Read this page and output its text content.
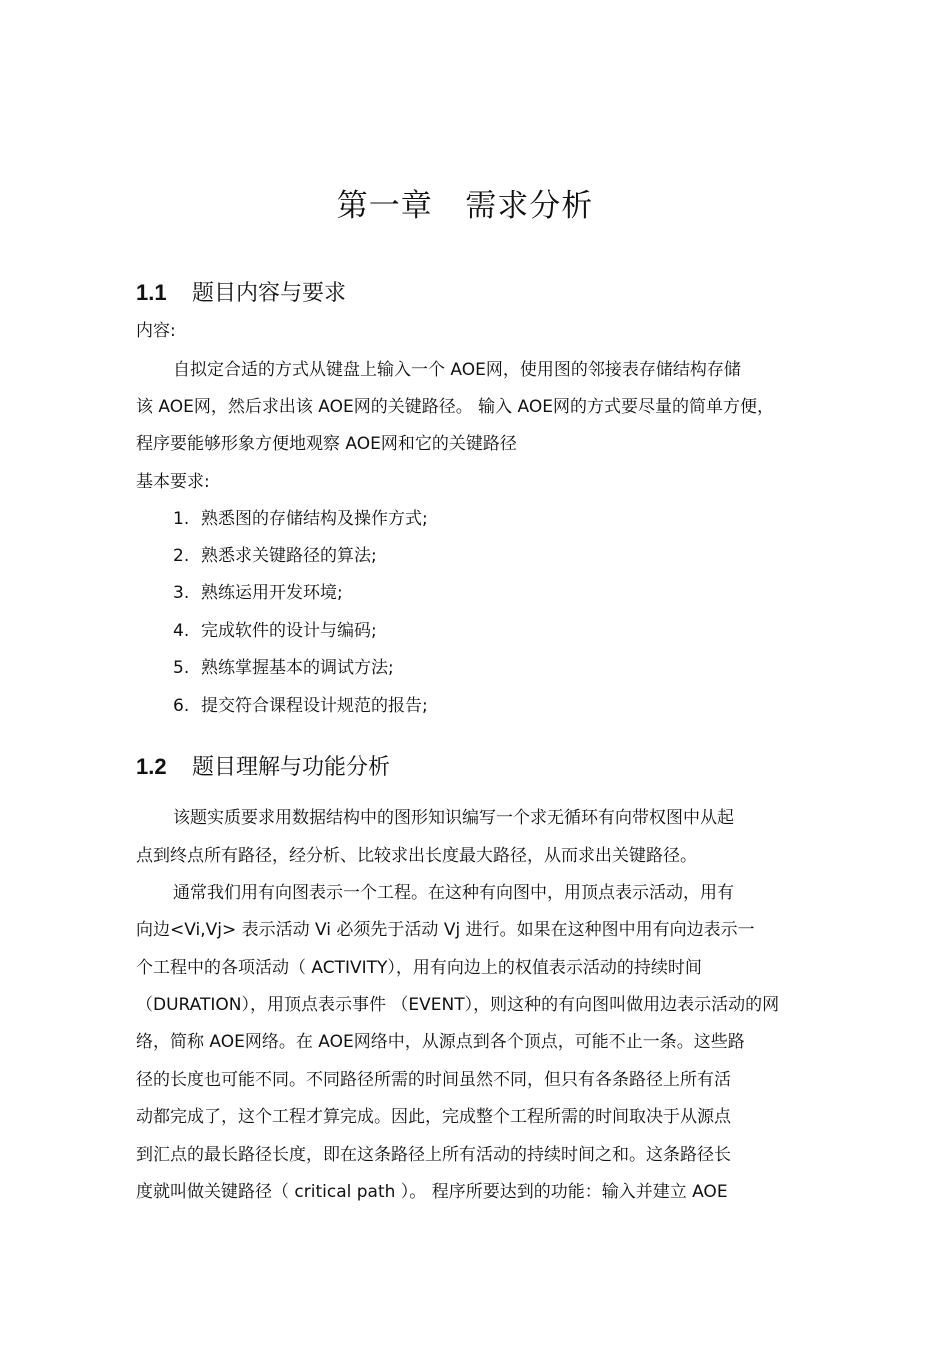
第一章   需求分析
1.1 题目内容与要求
内容:
自拟定合适的方式从键盘上输入一个 AOE网，使用图的邻接表存储结构存储
该 AOE网，然后求出该 AOE网的关键路径。 输入 AOE网的方式要尽量的简单方便，
程序要能够形象方便地观察 AOE网和它的关键路径
基本要求:
1. 熟悉图的存储结构及操作方式;
2. 熟悉求关键路径的算法;
3. 熟练运用开发环境;
4. 完成软件的设计与编码;
5. 熟练掌握基本的调试方法;
6. 提交符合课程设计规范的报告;
1.2 题目理解与功能分析
该题实质要求用数据结构中的图形知识编写一个求无循环有向带权图中从起
点到终点所有路径，经分析、比较求出长度最大路径，从而求出关键路径。
通常我们用有向图表示一个工程。在这种有向图中，用顶点表示活动，用有
向边<Vi,Vj> 表示活动 Vi 必须先于活动 Vj 进行。如果在这种图中用有向边表示一
个工程中的各项活动（ ACTIVITY），用有向边上的权值表示活动的持续时间
（DURATION），用顶点表示事件 （EVENT），则这种的有向图叫做用边表示活动的网
络，简称 AOE网络。在 AOE网络中，从源点到各个顶点，可能不止一条。这些路
径的长度也可能不同。不同路径所需的时间虽然不同，但只有各条路径上所有活
动都完成了，这个工程才算完成。因此，完成整个工程所需的时间取决于从源点
到汇点的最长路径长度，即在这条路径上所有活动的持续时间之和。这条路径长
度就叫做关键路径（ critical path ）。 程序所要达到的功能：输入并建立 AOE
